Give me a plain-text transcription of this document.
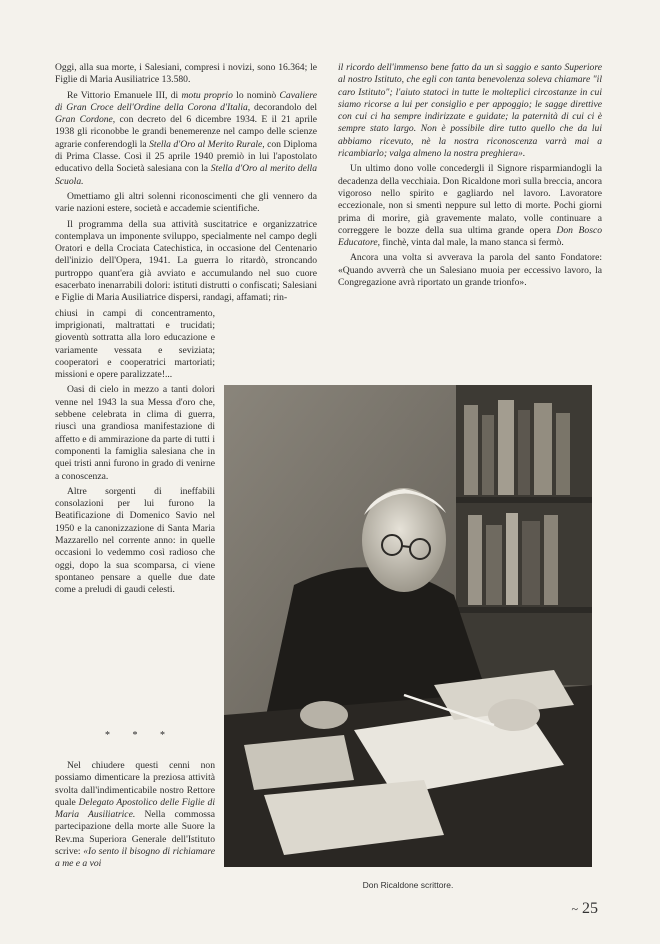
Oggi, alla sua morte, i Salesiani, compresi i novizi, sono 16.364; le Figlie di Maria Ausiliatrice 13.580.

Re Vittorio Emanuele III, di motu proprio lo nominò Cavaliere di Gran Croce dell'Ordine della Corona d'Italia, decorandolo del Gran Cordone, con decreto del 6 dicembre 1934. E il 21 aprile 1938 gli riconobbe le grandi benemerenze nel campo delle scienze agrarie conferendogli la Stella d'Oro al Merito Rurale, con Diploma di Prima Classe. Così il 25 aprile 1940 premiò in lui l'apostolato educativo della Società salesiana con la Stella d'Oro al merito della Scuola.

Omettiamo gli altri solenni riconoscimenti che gli vennero da varie nazioni estere, società e accademie scientifiche.

Il programma della sua attività suscitatrice e organizzatrice contemplava un imponente sviluppo, specialmente nel campo degli Oratori e della Crociata Catechistica, in occasione del Centenario dell'inizio dell'Opera, 1941. La guerra lo ritardò, stroncando purtroppo quant'era già avviato e accumulando nel suo cuore esacerbato inenarrabili dolori: istituti distrutti o confiscati; Salesiani e Figlie di Maria Ausiliatrice dispersi, randagi, affamati; rin-

chiusi in campi di concentramento, imprigionati, maltrattati e trucidati; gioventù sottratta alla loro educazione e variamente vessata e seviziata; cooperatori e cooperatrici martoriati; missioni e opere paralizzate!...

Oasi di cielo in mezzo a tanti dolori venne nel 1943 la sua Messa d'oro che, sebbene celebrata in clima di guerra, riuscì una grandiosa manifestazione di affetto e di ammirazione da parte di tutti i componenti la famiglia salesiana che in quei tristi anni furono in grado di venirne a conoscenza.

Altre sorgenti di ineffabili consolazioni per lui furono la Beatificazione di Domenico Savio nel 1950 e la canonizzazione di Santa Maria Mazzarello nel corrente anno: in quelle occasioni lo vedemmo così radioso che oggi, dopo la sua scomparsa, ci viene spontaneo pensare a quelle due date come a preludi di gaudi celesti.

* * *

Nel chiudere questi cenni non possiamo dimenticare la preziosa attività svolta dall'indimenticabile nostro Rettore quale Delegato Apostolico delle Figlie di Maria Ausiliatrice. Nella commossa partecipazione della morte alle Suore la Rev.ma Superiora Generale dell'Istituto scrive: «Io sento il bisogno di richiamare a me e a voi

il ricordo dell'immenso bene fatto da un sì saggio e santo Superiore al nostro Istituto, che egli con tanta benevolenza soleva chiamare "il caro Istituto"; l'aiuto statoci in tutte le molteplici circostanze in cui siamo ricorse a lui per consiglio e per appoggio; le sagge direttive con cui ci ha sempre indirizzate e guidate; la paternità di cui ci è sempre stato largo. Non è possibile dire tutto quello che da lui abbiamo ricevuto, nè la nostra riconoscenza varrà mai a ricambiarlo; valga almeno la nostra preghiera».

Un ultimo dono volle concedergli il Signore risparmiandogli la decadenza della vecchiaia. Don Ricaldone morì sulla breccia, ancora vigoroso nello spirito e gagliardo nel lavoro. Lavoratore eccezionale, non si smentì neppure sul letto di morte. Pochi giorni prima di morire, già gravemente malato, volle continuare a correggere le bozze della sua ultima grande opera Don Bosco Educatore, finchè, vinta dal male, la mano stanca si fermò.

Ancora una volta si avverava la parola del santo Fondatore: «Quando avverrà che un Salesiano muoia per eccessivo lavoro, la Congregazione avrà riportato un grande trionfo».

Don Ricaldone scrittore.
~ 25
